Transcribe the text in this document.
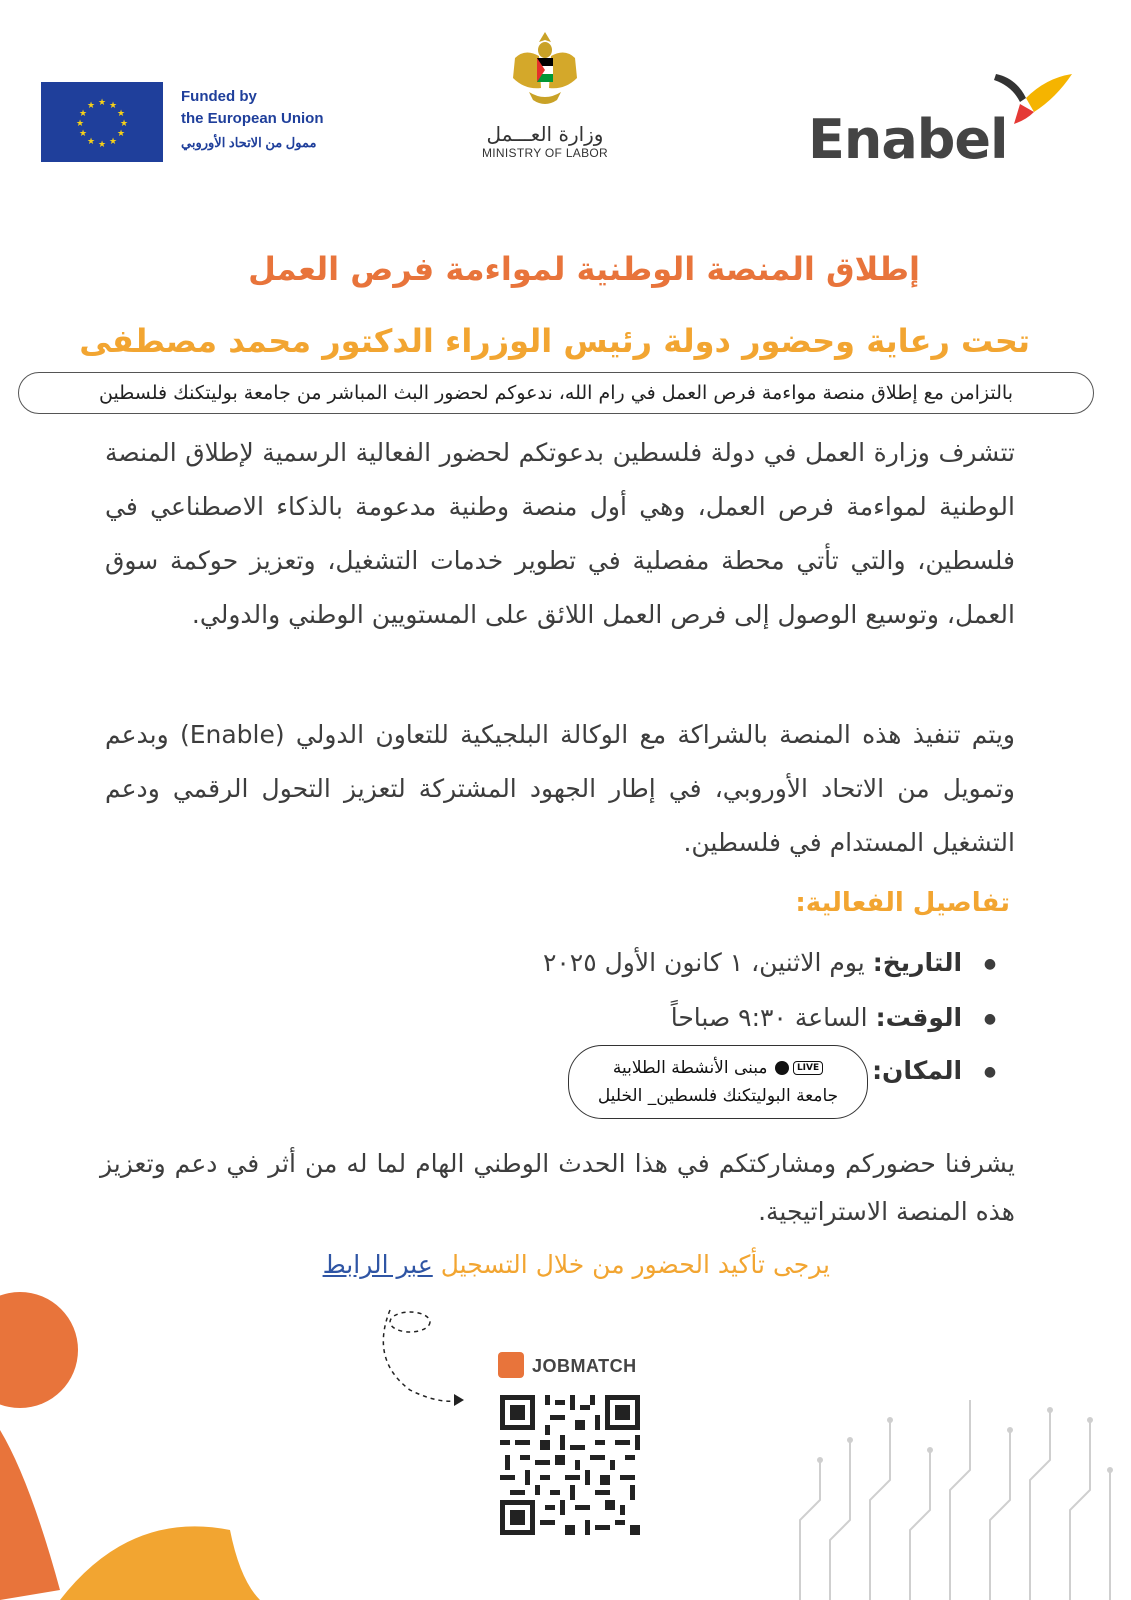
★ ★
★
★
★
★
★
★
★
★
★
★
Funded by
the European Union
ممول من الاتحاد الأوروبي	وزارة العـــمل
MINISTRY OF LABOR	Enabel
إطلاق المنصة الوطنية لمواءمة فرص العمل
تحت رعاية وحضور دولة رئيس الوزراء الدكتور محمد مصطفى
بالتزامن مع إطلاق منصة مواءمة فرص العمل في رام الله، ندعوكم لحضور البث المباشر من جامعة بوليتكنك فلسطين
تتشرف وزارة العمل في دولة فلسطين بدعوتكم لحضور الفعالية الرسمية لإطلاق المنصة الوطنية لمواءمة فرص العمل، وهي أول منصة وطنية مدعومة بالذكاء الاصطناعي في فلسطين، والتي تأتي محطة مفصلية في تطوير خدمات التشغيل، وتعزيز حوكمة سوق العمل، وتوسيع الوصول إلى فرص العمل اللائق على المستويين الوطني والدولي.
ويتم تنفيذ هذه المنصة بالشراكة مع الوكالة البلجيكية للتعاون الدولي (Enable) وبدعم وتمويل من الاتحاد الأوروبي، في إطار الجهود المشتركة لتعزيز التحول الرقمي ودعم التشغيل المستدام في فلسطين.
تفاصيل الفعالية:
● التاريخ: يوم الاثنين، ١ كانون الأول ٢٠٢٥
● الوقت: الساعة ٩:٣٠ صباحاً
● المكان:
LIVE مبنى الأنشطة الطلابية
جامعة البوليتكنك فلسطين_ الخليل
يشرفنا حضوركم ومشاركتكم في هذا الحدث الوطني الهام لما له من أثر في دعم وتعزيز هذه المنصة الاستراتيجية.
يرجى تأكيد الحضور من خلال التسجيل عبر الرابط
JOBMATCH
